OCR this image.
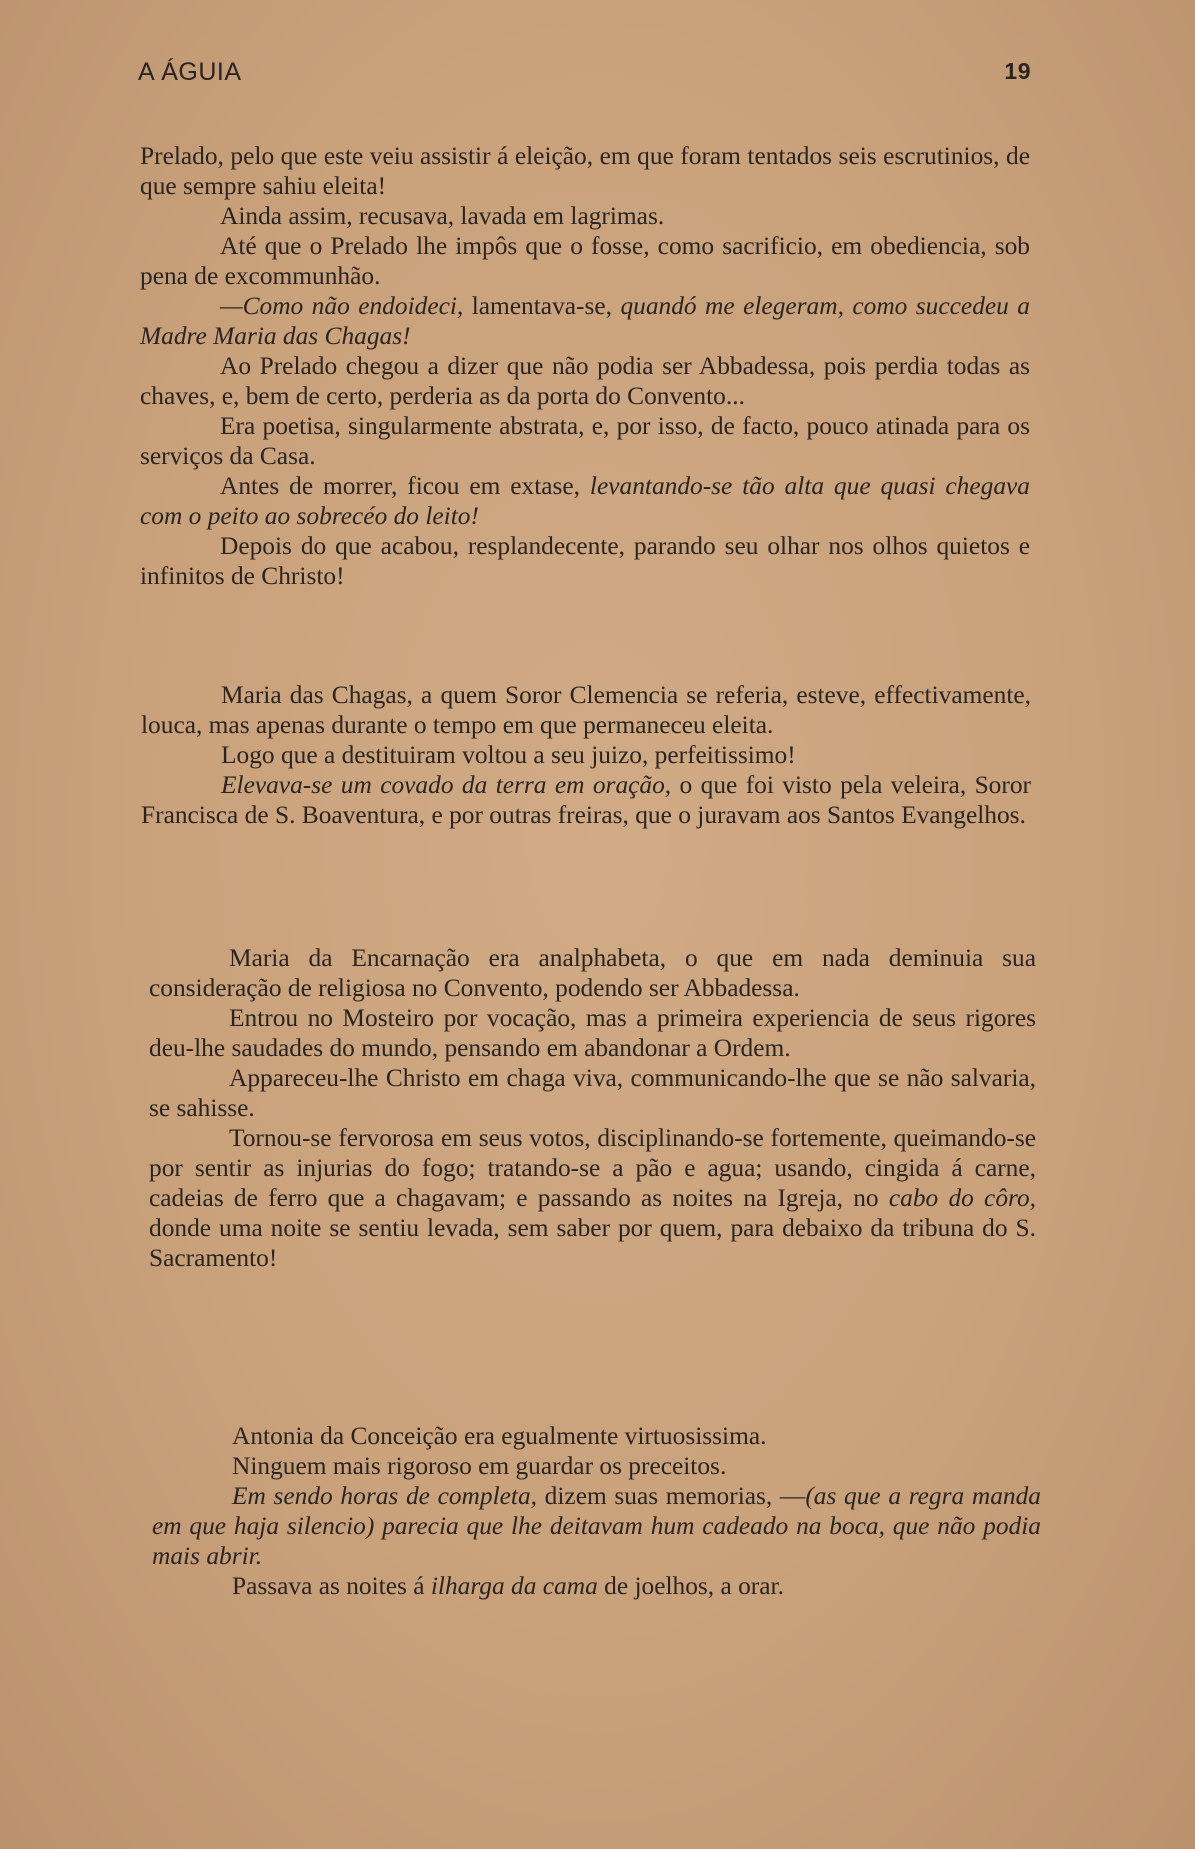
A ÁGUIA	19

Prelado, pelo que este veiu assistir á eleição, em que foram tentados seis escrutinios, de que sempre sahiu eleita!

Ainda assim, recusava, lavada em lagrimas.

Até que o Prelado lhe impôs que o fosse, como sacrificio, em obediencia, sob pena de excommunhão.

—Como não endoideci, lamentava-se, quandó me elegeram, como succedeu a Madre Maria das Chagas!

Ao Prelado chegou a dizer que não podia ser Abbadessa, pois perdia todas as chaves, e, bem de certo, perderia as da porta do Convento...

Era poetisa, singularmente abstrata, e, por isso, de facto, pouco atinada para os serviços da Casa.

Antes de morrer, ficou em extase, levantando-se tão alta que quasi chegava com o peito ao sobrecéo do leito!

Depois do que acabou, resplandecente, parando seu olhar nos olhos quietos e infinitos de Christo!

Maria das Chagas, a quem Soror Clemencia se referia, esteve, effectivamente, louca, mas apenas durante o tempo em que permaneceu eleita.

Logo que a destituiram voltou a seu juizo, perfeitissimo!

Elevava-se um covado da terra em oração, o que foi visto pela veleira, Soror Francisca de S. Boaventura, e por outras freiras, que o juravam aos Santos Evangelhos.

Maria da Encarnação era analphabeta, o que em nada deminuia sua consideração de religiosa no Convento, podendo ser Abbadessa.

Entrou no Mosteiro por vocação, mas a primeira experiencia de seus rigores deu-lhe saudades do mundo, pensando em abandonar a Ordem.

Appareceu-lhe Christo em chaga viva, communicando-lhe que se não salvaria, se sahisse.

Tornou-se fervorosa em seus votos, disciplinando-se fortemente, queimando-se por sentir as injurias do fogo; tratando-se a pão e agua; usando, cingida á carne, cadeias de ferro que a chagavam; e passando as noites na Igreja, no cabo do côro, donde uma noite se sentiu levada, sem saber por quem, para debaixo da tribuna do S. Sacramento!

Antonia da Conceição era egualmente virtuosissima.

Ninguem mais rigoroso em guardar os preceitos.

Em sendo horas de completa, dizem suas memorias, —(as que a regra manda em que haja silencio) parecia que lhe deitavam hum cadeado na boca, que não podia mais abrir.

Passava as noites á ilharga da cama de joelhos, a orar.
